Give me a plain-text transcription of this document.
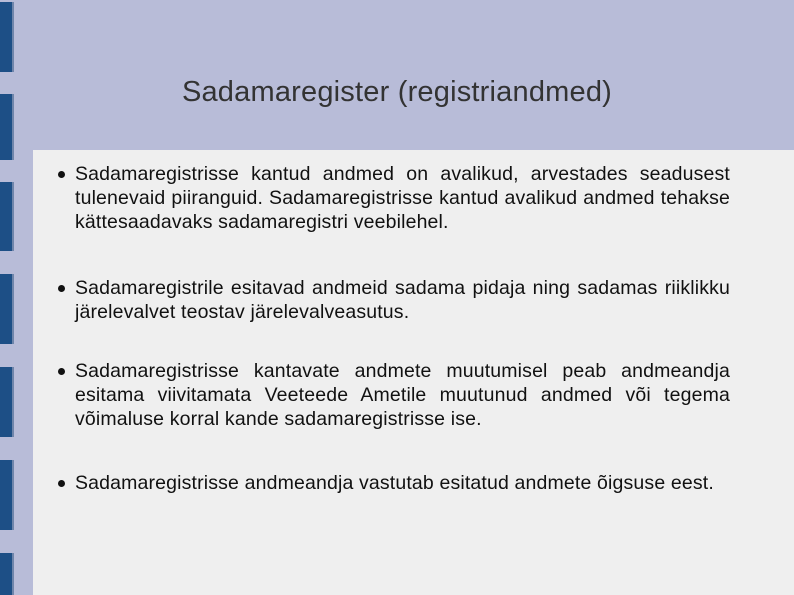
Sadamaregister (registriandmed)
Sadamaregistrisse kantud andmed on avalikud, arvestades seadusest tulenevaid piiranguid. Sadamaregistrisse kantud avalikud andmed tehakse kättesaadavaks sadamaregistri veebilehel.
Sadamaregistrile esitavad andmeid sadama pidaja ning sadamas riiklikku järelevalvet teostav järelevalveasutus.
Sadamaregistrisse kantavate andmete muutumisel peab andmeandja esitama viivitamata Veeteede Ametile muutunud andmed või tegema võimaluse korral kande sadamaregistrisse ise.
Sadamaregistrisse andmeandja vastutab esitatud andmete õigsuse eest.
